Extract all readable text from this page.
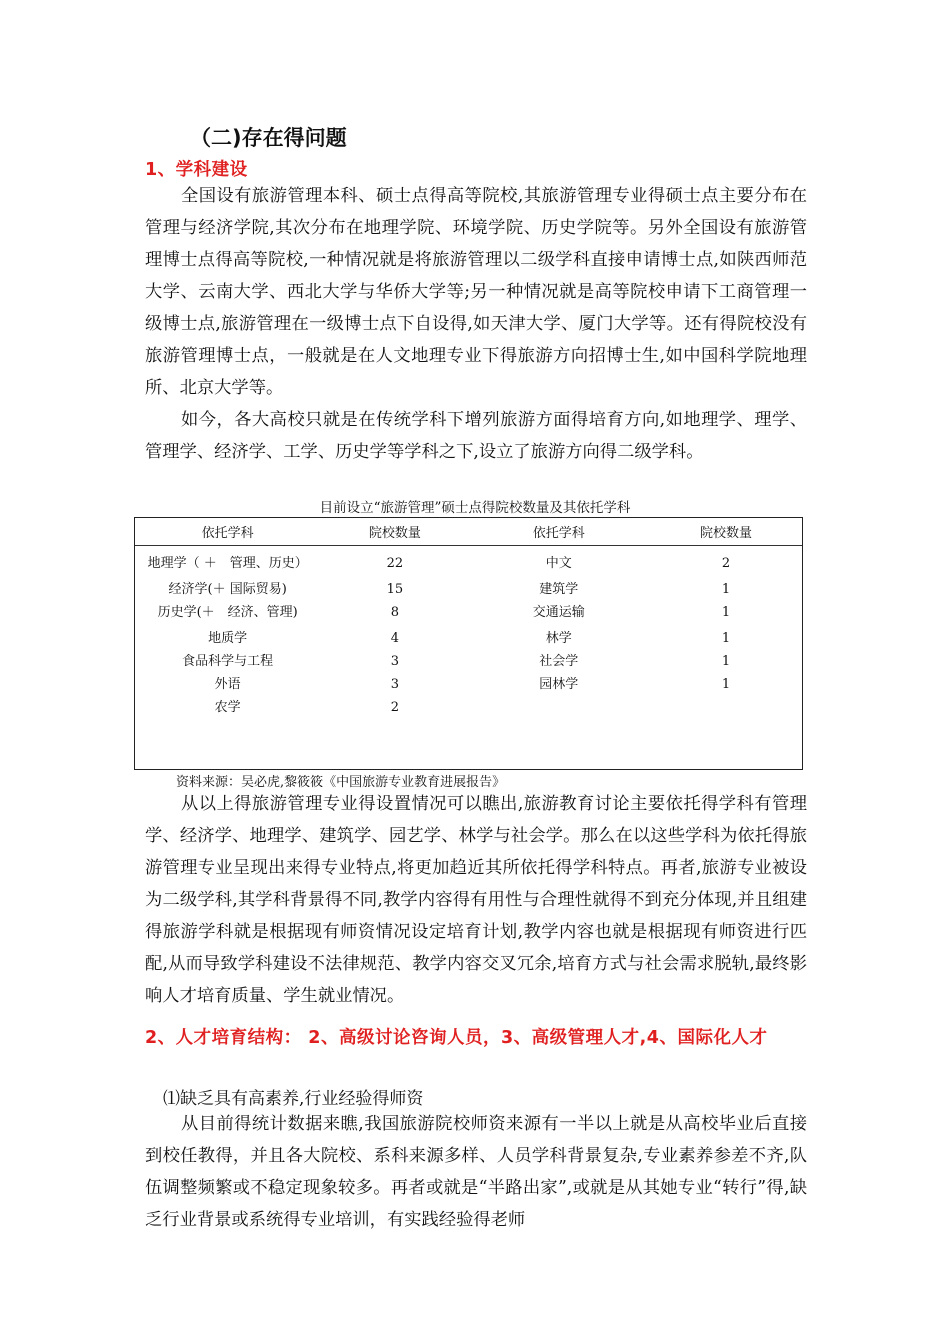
（二)存在得问题
1、学科建设

全国设有旅游管理本科、硕士点得高等院校,其旅游管理专业得硕士点主要分布在管理与经济学院,其次分布在地理学院、环境学院、历史学院等。另外全国设有旅游管理博士点得高等院校,一种情况就是将旅游管理以二级学科直接申请博士点,如陕西师范大学、云南大学、西北大学与华侨大学等;另一种情况就是高等院校申请下工商管理一级博士点,旅游管理在一级博士点下自设得,如天津大学、厦门大学等。还有得院校没有旅游管理博士点，一般就是在人文地理专业下得旅游方向招博士生,如中国科学院地理所、北京大学等。

如今，各大高校只就是在传统学科下增列旅游方面得培育方向,如地理学、理学、管理学、经济学、工学、历史学等学科之下,设立了旅游方向得二级学科。

目前设立“旅游管理”硕士点得院校数量及其依托学科
依托学科	院校数量	依托学科	院校数量
地理学（ ＋　管理、历史）	22	中文	2
经济学(＋ 国际贸易)	15	建筑学	1
历史学(＋　经济、管理)	8	交通运输	1
地质学	4	林学	1
食品科学与工程	3	社会学	1
外语	3	园林学	1
农学	2		
资料来源：吴必虎,黎筱筱《中国旅游专业教育进展报告》

从以上得旅游管理专业得设置情况可以瞧出,旅游教育讨论主要依托得学科有管理学、经济学、地理学、建筑学、园艺学、林学与社会学。那么在以这些学科为依托得旅游管理专业呈现出来得专业特点,将更加趋近其所依托得学科特点。再者,旅游专业被设为二级学科,其学科背景得不同,教学内容得有用性与合理性就得不到充分体现,并且组建得旅游学科就是根据现有师资情况设定培育计划,教学内容也就是根据现有师资进行匹配,从而导致学科建设不法律规范、教学内容交叉冗余,培育方式与社会需求脱轨,最终影响人才培育质量、学生就业情况。

2、人才培育结构： 2、高级讨论咨询人员，3、高级管理人才,4、国际化人才

⑴缺乏具有高素养,行业经验得师资

从目前得统计数据来瞧,我国旅游院校师资来源有一半以上就是从高校毕业后直接到校任教得，并且各大院校、系科来源多样、人员学科背景复杂,专业素养参差不齐,队伍调整频繁或不稳定现象较多。再者或就是“半路出家”,或就是从其她专业“转行”得,缺乏行业背景或系统得专业培训，有实践经验得老师
